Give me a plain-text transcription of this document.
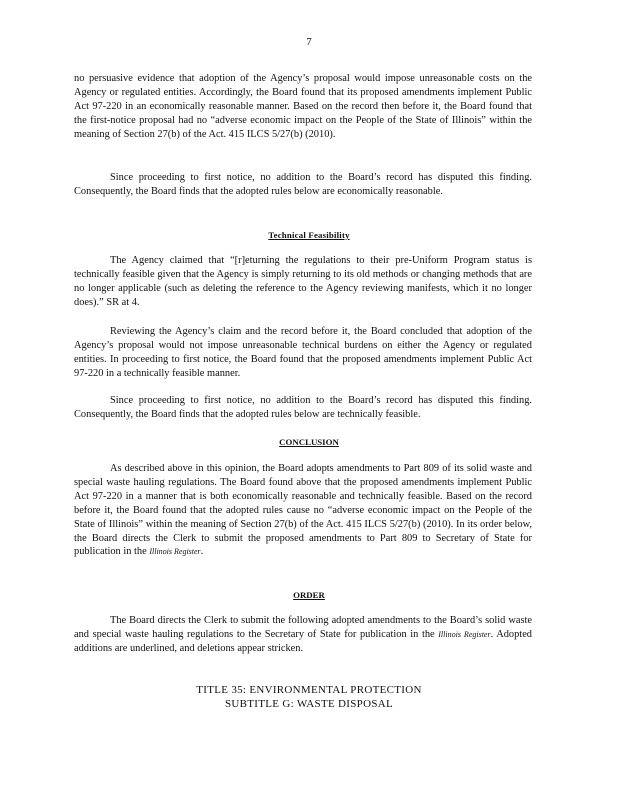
7

no persuasive evidence that adoption of the Agency’s proposal would impose unreasonable costs on the Agency or regulated entities. Accordingly, the Board found that its proposed amendments implement Public Act 97-220 in an economically reasonable manner. Based on the record then before it, the Board found that the first-notice proposal had no “adverse economic impact on the People of the State of Illinois” within the meaning of Section 27(b) of the Act. 415 ILCS 5/27(b) (2010).

Since proceeding to first notice, no addition to the Board’s record has disputed this finding. Consequently, the Board finds that the adopted rules below are economically reasonable.

Technical Feasibility

The Agency claimed that “[r]eturning the regulations to their pre-Uniform Program status is technically feasible given that the Agency is simply returning to its old methods or changing methods that are no longer applicable (such as deleting the reference to the Agency reviewing manifests, which it no longer does).” SR at 4.

Reviewing the Agency’s claim and the record before it, the Board concluded that adoption of the Agency’s proposal would not impose unreasonable technical burdens on either the Agency or regulated entities. In proceeding to first notice, the Board found that the proposed amendments implement Public Act 97-220 in a technically feasible manner.

Since proceeding to first notice, no addition to the Board’s record has disputed this finding. Consequently, the Board finds that the adopted rules below are technically feasible.

CONCLUSION

As described above in this opinion, the Board adopts amendments to Part 809 of its solid waste and special waste hauling regulations. The Board found above that the proposed amendments implement Public Act 97-220 in a manner that is both economically reasonable and technically feasible. Based on the record before it, the Board found that the adopted rules cause no “adverse economic impact on the People of the State of Illinois” within the meaning of Section 27(b) of the Act. 415 ILCS 5/27(b) (2010). In its order below, the Board directs the Clerk to submit the proposed amendments to Part 809 to Secretary of State for publication in the Illinois Register.

ORDER

The Board directs the Clerk to submit the following adopted amendments to the Board’s solid waste and special waste hauling regulations to the Secretary of State for publication in the Illinois Register. Adopted additions are underlined, and deletions appear stricken.

TITLE 35: ENVIRONMENTAL PROTECTION
SUBTITLE G: WASTE DISPOSAL
